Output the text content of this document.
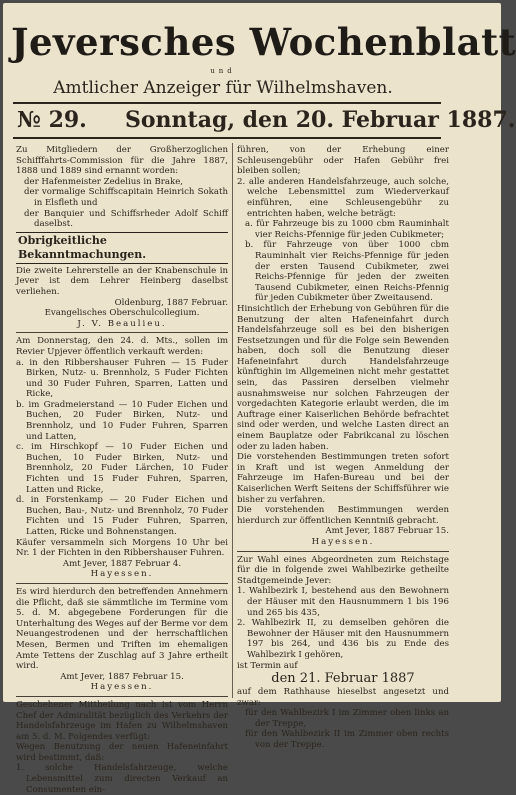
Jeversches Wochenblatt
und
Amtlicher Anzeiger für Wilhelmshaven.
№ 29. Sonntag, den 20. Februar 1887.

Zu Mitgliedern der Großherzoglichen Schifffahrts-Commission für die Jahre 1887, 1888 und 1889 sind ernannt worden:

der Hafenmeister Zedelius in Brake,

der vormalige Schiffscapitain Heinrich Sokath in Elsfleth und

der Banquier und Schiffsrheder Adolf Schiff daselbst.

Obrigkeitliche Bekanntmachungen.

Die zweite Lehrerstelle an der Knabenschule in Jever ist dem Lehrer Heinberg daselbst verliehen.

Oldenburg, 1887 Februar.

Evangelisches Oberschulcollegium.

J. V. Beaulieu.

Am Donnerstag, den 24. d. Mts., sollen im Revier Upjever öffentlich verkauft werden:

a. in den Ribbershauser Fuhren — 15 Fuder Birken, Nutz- u. Brennholz, 5 Fuder Fichten und 30 Fuder Fuhren, Sparren, Latten und Ricke,

b. im Gradmeierstand — 10 Fuder Eichen und Buchen, 20 Fuder Birken, Nutz- und Brennholz, und 10 Fuder Fuhren, Sparren und Latten,

c. im Hirschkopf — 10 Fuder Eichen und Buchen, 10 Fuder Birken, Nutz- und Brennholz, 20 Fuder Lärchen, 10 Fuder Fichten und 15 Fuder Fuhren, Sparren, Latten und Ricke,

d. in Forstenkamp — 20 Fuder Eichen und Buchen, Bau-, Nutz- und Brennholz, 70 Fuder Fichten und 15 Fuder Fuhren, Sparren, Latten, Ricke und Bohnenstangen.

Käufer versammeln sich Morgens 10 Uhr bei Nr. 1 der Fichten in den Ribbershauser Fuhren.

Amt Jever, 1887 Februar 4.

Hayessen.

Es wird hierdurch den betreffenden Annehmern die Pflicht, daß sie sämmtliche im Termine vom 5. d. M. abgegebene Forderungen für die Unterhaltung des Weges auf der Berme vor dem Neuangestrodenen und der herrschaftlichen Mesen, Bermen und Triften im ehemaligen Amte Tettens der Zuschlag auf 3 Jahre ertheilt wird.

Amt Jever, 1887 Februar 15.

Hayessen.

Geschehener Mittheilung nach ist vom Herrn Chef der Admiralität bezüglich des Verkehrs der Handelsfahrzeuge im Hafen zu Wilhelmshaven am 5. d. M. Folgendes verfügt:

Wegen Benutzung der neuen Hafeneinfahrt wird bestimmt, daß:

1. solche Handelsfahrzeuge, welche Lebensmittel zum directen Verkauf an Consumenten ein-

führen, von der Erhebung einer Schleusengebühr oder Hafen Gebühr frei bleiben sollen;

2. alle anderen Handelsfahrzeuge, auch solche, welche Lebensmittel zum Wiederverkauf einführen, eine Schleusengebühr zu entrichten haben, welche beträgt:

a. für Fahrzeuge bis zu 1000 cbm Rauminhalt vier Reichs-Pfennige für jeden Cubikmeter;

b. für Fahrzeuge von über 1000 cbm Rauminhalt vier Reichs-Pfennige für jeden der ersten Tausend Cubikmeter, zwei Reichs-Pfennige für jeden der zweiten Tausend Cubikmeter, einen Reichs-Pfennig für jeden Cubikmeter über Zweitausend.

Hinsichtlich der Erhebung von Gebühren für die Benutzung der alten Hafeneinfahrt durch Handelsfahrzeuge soll es bei den bisherigen Festsetzungen und für die Folge sein Bewenden haben, doch soll die Benutzung dieser Hafeneinfahrt durch Handelsfahrzeuge künftighin im Allgemeinen nicht mehr gestattet sein, das Passiren derselben vielmehr ausnahmsweise nur solchen Fahrzeugen der vorgedachten Kategorie erlaubt werden, die im Auftrage einer Kaiserlichen Behörde befrachtet sind oder werden, und welche Lasten direct an einem Bauplatze oder Fabrikcanal zu löschen oder zu laden haben.

Die vorstehenden Bestimmungen treten sofort in Kraft und ist wegen Anmeldung der Fahrzeuge im Hafen-Bureau und bei der Kaiserlichen Werft Seitens der Schiffsführer wie bisher zu verfahren.

Die vorstehenden Bestimmungen werden hierdurch zur öffentlichen Kenntniß gebracht.

Amt Jever, 1887 Februar 15.

Hayessen.

Zur Wahl eines Abgeordneten zum Reichstage für die in folgende zwei Wahlbezirke getheilte Stadtgemeinde Jever:

1. Wahlbezirk I, bestehend aus den Bewohnern der Häuser mit den Hausnummern 1 bis 196 und 265 bis 435,

2. Wahlbezirk II, zu demselben gehören die Bewohner der Häuser mit den Hausnummern 197 bis 264, und 436 bis zu Ende des Wahlbezirk I gehören,

ist Termin auf

den 21. Februar 1887

auf dem Rathhause hieselbst angesetzt und zwar:

für den Wahlbezirk I im Zimmer oben links an der Treppe,

für den Wahlbezirk II im Zimmer oben rechts von der Treppe.
